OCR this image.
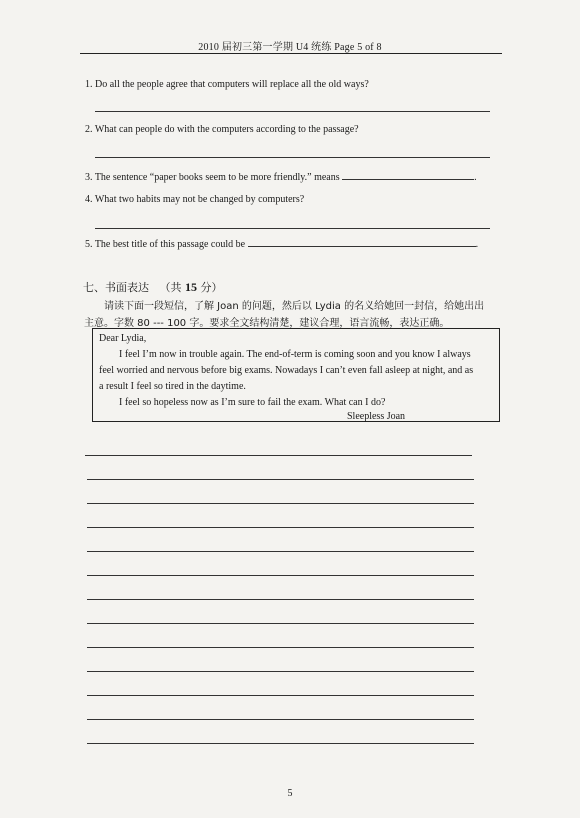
2010 届初三第一学期 U4 统练 Page 5 of 8
1. Do all the people agree that computers will replace all the old ways?
2. What can people do with the computers according to the passage?
3. The sentence “paper books seem to be more friendly.” means	.
4. What two habits may not be changed by computers?
5. The best title of this passage could be	.
七、书面表达 （共 15 分）
　　请读下面一段短信，了解 Joan 的问题，然后以 Lydia 的名义给她回一封信，给她出出
主意。字数 80 --- 100 字。要求全文结构清楚，建议合理，语言流畅，表达正确。
Dear Lydia,
I feel I’m now in trouble again. The end-of-term is coming soon and you know I always
feel worried and nervous before big exams. Nowadays I can’t even fall asleep at night, and as
a result I feel so tired in the daytime.
I feel so hopeless now as I’m sure to fail the exam. What can I do?
Sleepless Joan
5
